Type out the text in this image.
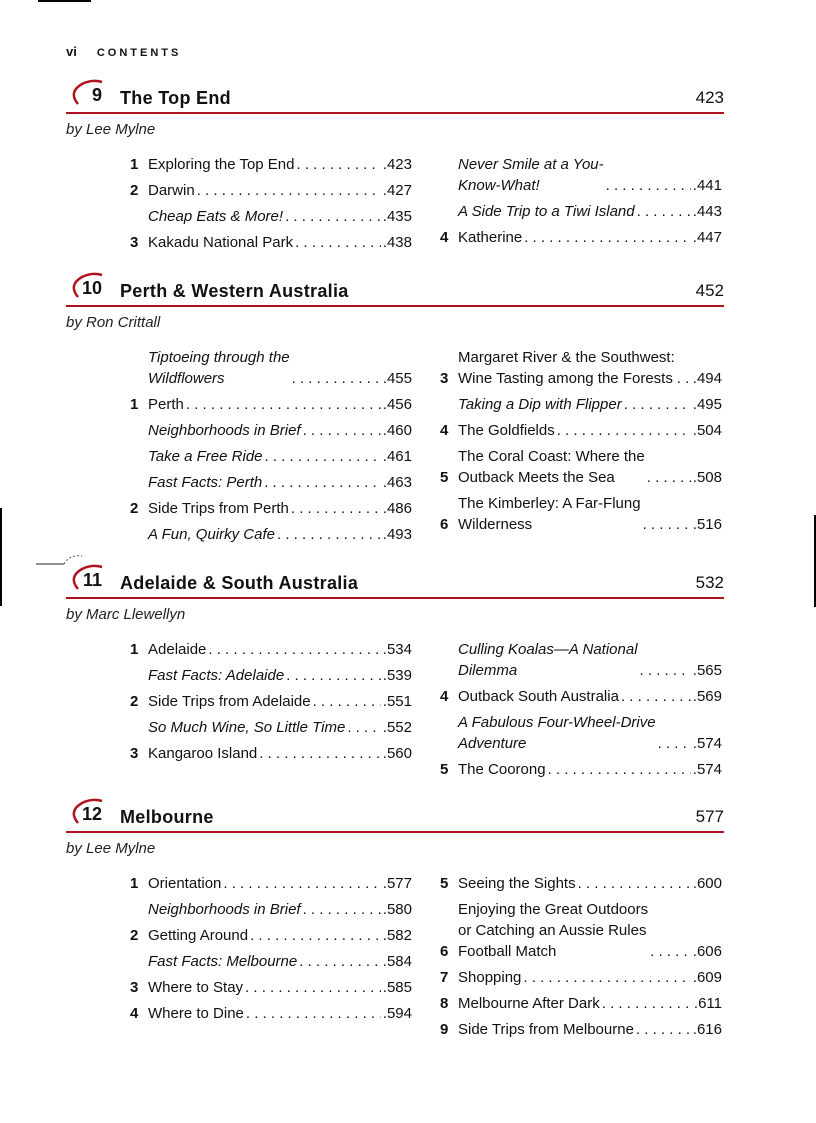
vi CONTENTS
9 The Top End	423
by Lee Mylne
1 Exploring the Top End . . .	.423
2 Darwin . . .	.427
Cheap Eats & More! . . .	.435
3 Kakadu National Park . . .	.438
Never Smile at a You-
Know-What! . . .	.441
A Side Trip to a Tiwi Island . . .	.443
4 Katherine . . .	.447
10 Perth & Western Australia	452
by Ron Crittall
Tiptoeing through the
Wildflowers . . .	.455
1 Perth . . .	.456
Neighborhoods in Brief . . .	.460
Take a Free Ride . . .	.461
Fast Facts: Perth . . .	.463
2 Side Trips from Perth . . .	.486
A Fun, Quirky Cafe . . .	.493
3
Margaret River & the Southwest:
Wine Tasting among the Forests . . . .494
Taking a Dip with Flipper . . .	.495
4 The Goldfields . . .	.504
5
The Coral Coast: Where the
Outback Meets the Sea . . .	.508
6
The Kimberley: A Far-Flung
Wilderness . . .	.516
11 Adelaide & South Australia	532
by Marc Llewellyn
1 Adelaide . . .	.534
Fast Facts: Adelaide . . .	.539
2 Side Trips from Adelaide . . .	.551
So Much Wine, So Little Time . . . .552
3 Kangaroo Island . . .	.560
Culling Koalas—A National
Dilemma . . .	.565
4 Outback South Australia . . .	.569
A Fabulous Four-Wheel-Drive
Adventure . . .	.574
5 The Coorong . . .	.574
12 Melbourne	577
by Lee Mylne
1 Orientation . . .	.577
Neighborhoods in Brief . . .	.580
2 Getting Around . . .	.582
Fast Facts: Melbourne . . .	.584
3 Where to Stay . . .	.585
4 Where to Dine . . .	.594
5 Seeing the Sights . . .	.600
6
Enjoying the Great Outdoors
or Catching an Aussie Rules
Football Match . . .	.606
7 Shopping . . .	.609
8 Melbourne After Dark . . .	.611
9 Side Trips from Melbourne . . .	.616
